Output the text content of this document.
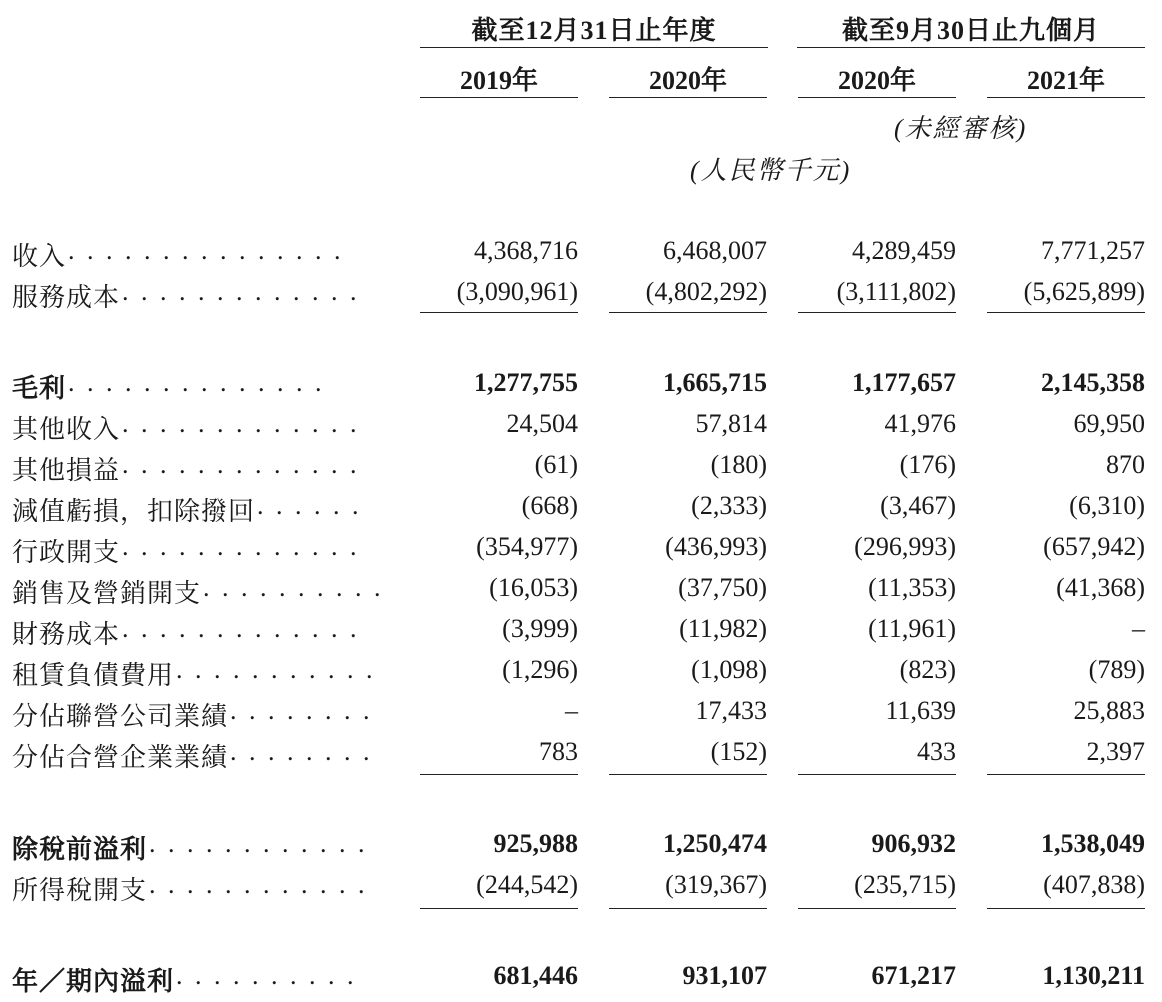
截至12月31日止年度	截至9月30日止九個月
2019年	2020年	2020年	2021年
(未經審核)
(人民幣千元)
收入 . . . . . . . . . . . . . . .	4,368,716	6,468,007	4,289,459	7,771,257
服務成本 . . . . . . . . . . . . .	(3,090,961)	(4,802,292)	(3,111,802)	(5,625,899)
毛利 . . . . . . . . . . . . . .	1,277,755	1,665,715	1,177,657	2,145,358
其他收入 . . . . . . . . . . . . .	24,504	57,814	41,976	69,950
其他損益 . . . . . . . . . . . . .	(61)	(180)	(176)	870
減值虧損，扣除撥回 . . . . . .	(668)	(2,333)	(3,467)	(6,310)
行政開支 . . . . . . . . . . . . .	(354,977)	(436,993)	(296,993)	(657,942)
銷售及營銷開支 . . . . . . . . . .	(16,053)	(37,750)	(11,353)	(41,368)
財務成本 . . . . . . . . . . . . .	(3,999)	(11,982)	(11,961)	–
租賃負債費用 . . . . . . . . . . .	(1,296)	(1,098)	(823)	(789)
分佔聯營公司業績 . . . . . . . .	–	17,433	11,639	25,883
分佔合營企業業績 . . . . . . . .	783	(152)	433	2,397
除稅前溢利 . . . . . . . . . . . .	925,988	1,250,474	906,932	1,538,049
所得稅開支 . . . . . . . . . . . .	(244,542)	(319,367)	(235,715)	(407,838)
年／期內溢利 . . . . . . . . . .	681,446	931,107	671,217	1,130,211
